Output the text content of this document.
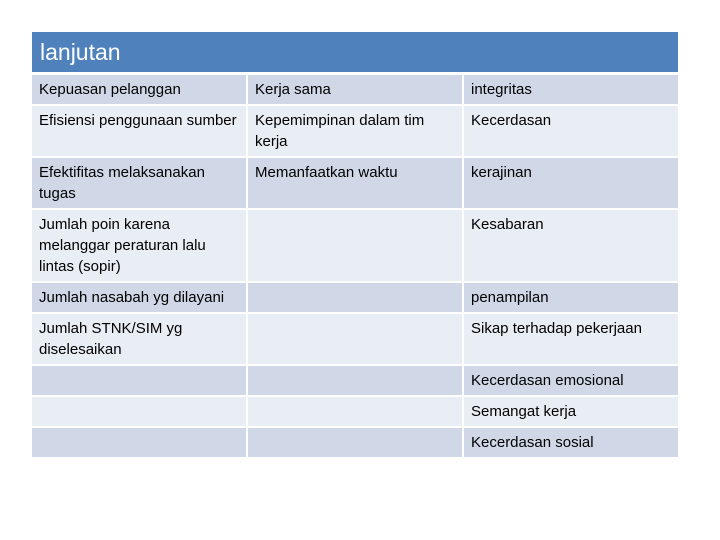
lanjutan		
Kepuasan pelanggan	Kerja sama	integritas
Efisiensi penggunaan sumber	Kepemimpinan dalam tim kerja	Kecerdasan
Efektifitas melaksanakan tugas	Memanfaatkan waktu	kerajinan
Jumlah poin karena melanggar peraturan lalu lintas (sopir)		Kesabaran
Jumlah nasabah yg dilayani		penampilan
Jumlah STNK/SIM yg diselesaikan		Sikap terhadap pekerjaan
		Kecerdasan emosional
		Semangat kerja
		Kecerdasan sosial
